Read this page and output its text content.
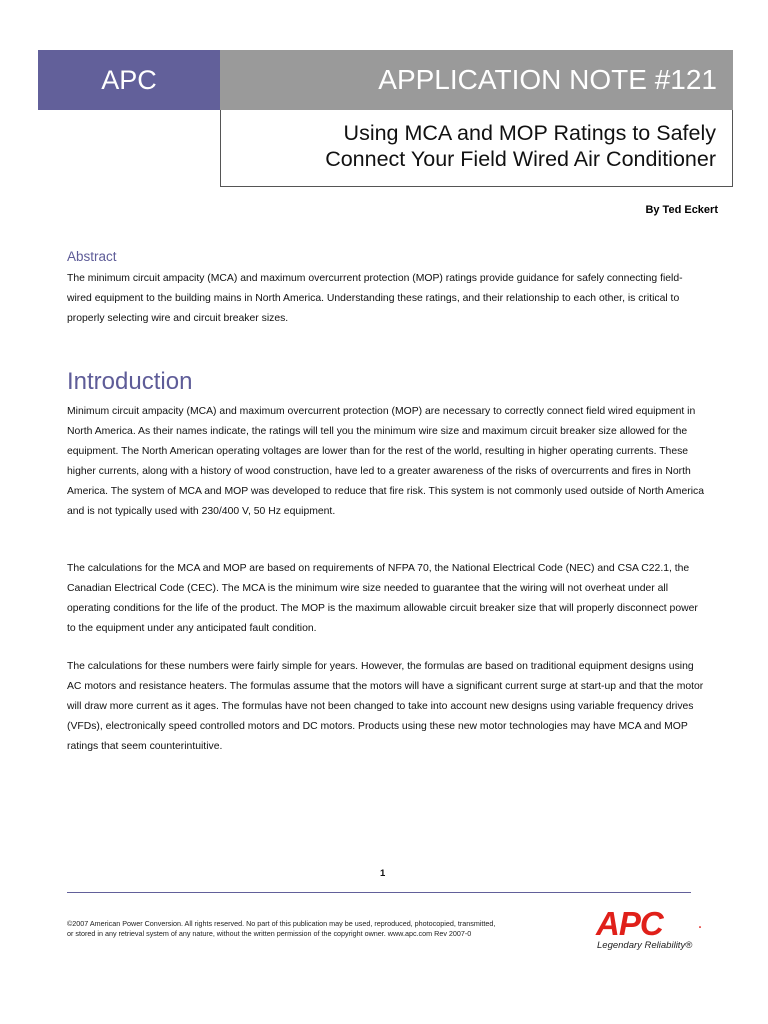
APC	APPLICATION NOTE #121
Using MCA and MOP Ratings to Safely
Connect Your Field Wired Air Conditioner
By Ted Eckert
Abstract
The minimum circuit ampacity (MCA) and maximum overcurrent protection (MOP) ratings provide guidance for safely connecting field-wired equipment to the building mains in North America. Understanding these ratings, and their relationship to each other, is critical to properly selecting wire and circuit breaker sizes.
Introduction
Minimum circuit ampacity (MCA) and maximum overcurrent protection (MOP) are necessary to correctly connect field wired equipment in North America. As their names indicate, the ratings will tell you the minimum wire size and maximum circuit breaker size allowed for the equipment. The North American operating voltages are lower than for the rest of the world, resulting in higher operating currents. These higher currents, along with a history of wood construction, have led to a greater awareness of the risks of overcurrents and fires in North America. The system of MCA and MOP was developed to reduce that fire risk. This system is not commonly used outside of North America and is not typically used with 230/400 V, 50 Hz equipment.
The calculations for the MCA and MOP are based on requirements of NFPA 70, the National Electrical Code (NEC) and CSA C22.1, the Canadian Electrical Code (CEC). The MCA is the minimum wire size needed to guarantee that the wiring will not overheat under all operating conditions for the life of the product. The MOP is the maximum allowable circuit breaker size that will properly disconnect power to the equipment under any anticipated fault condition.
The calculations for these numbers were fairly simple for years. However, the formulas are based on traditional equipment designs using AC motors and resistance heaters. The formulas assume that the motors will have a significant current surge at start-up and that the motor will draw more current as it ages. The formulas have not been changed to take into account new designs using variable frequency drives (VFDs), electronically speed controlled motors and DC motors. Products using these new motor technologies may have MCA and MOP ratings that seem counterintuitive.
1
©2007 American Power Conversion. All rights reserved. No part of this publication may be used, reproduced, photocopied, transmitted,
or stored in any retrieval system of any nature, without the written permission of the copyright owner. www.apc.com Rev 2007-0	APC	•
Legendary Reliability®
